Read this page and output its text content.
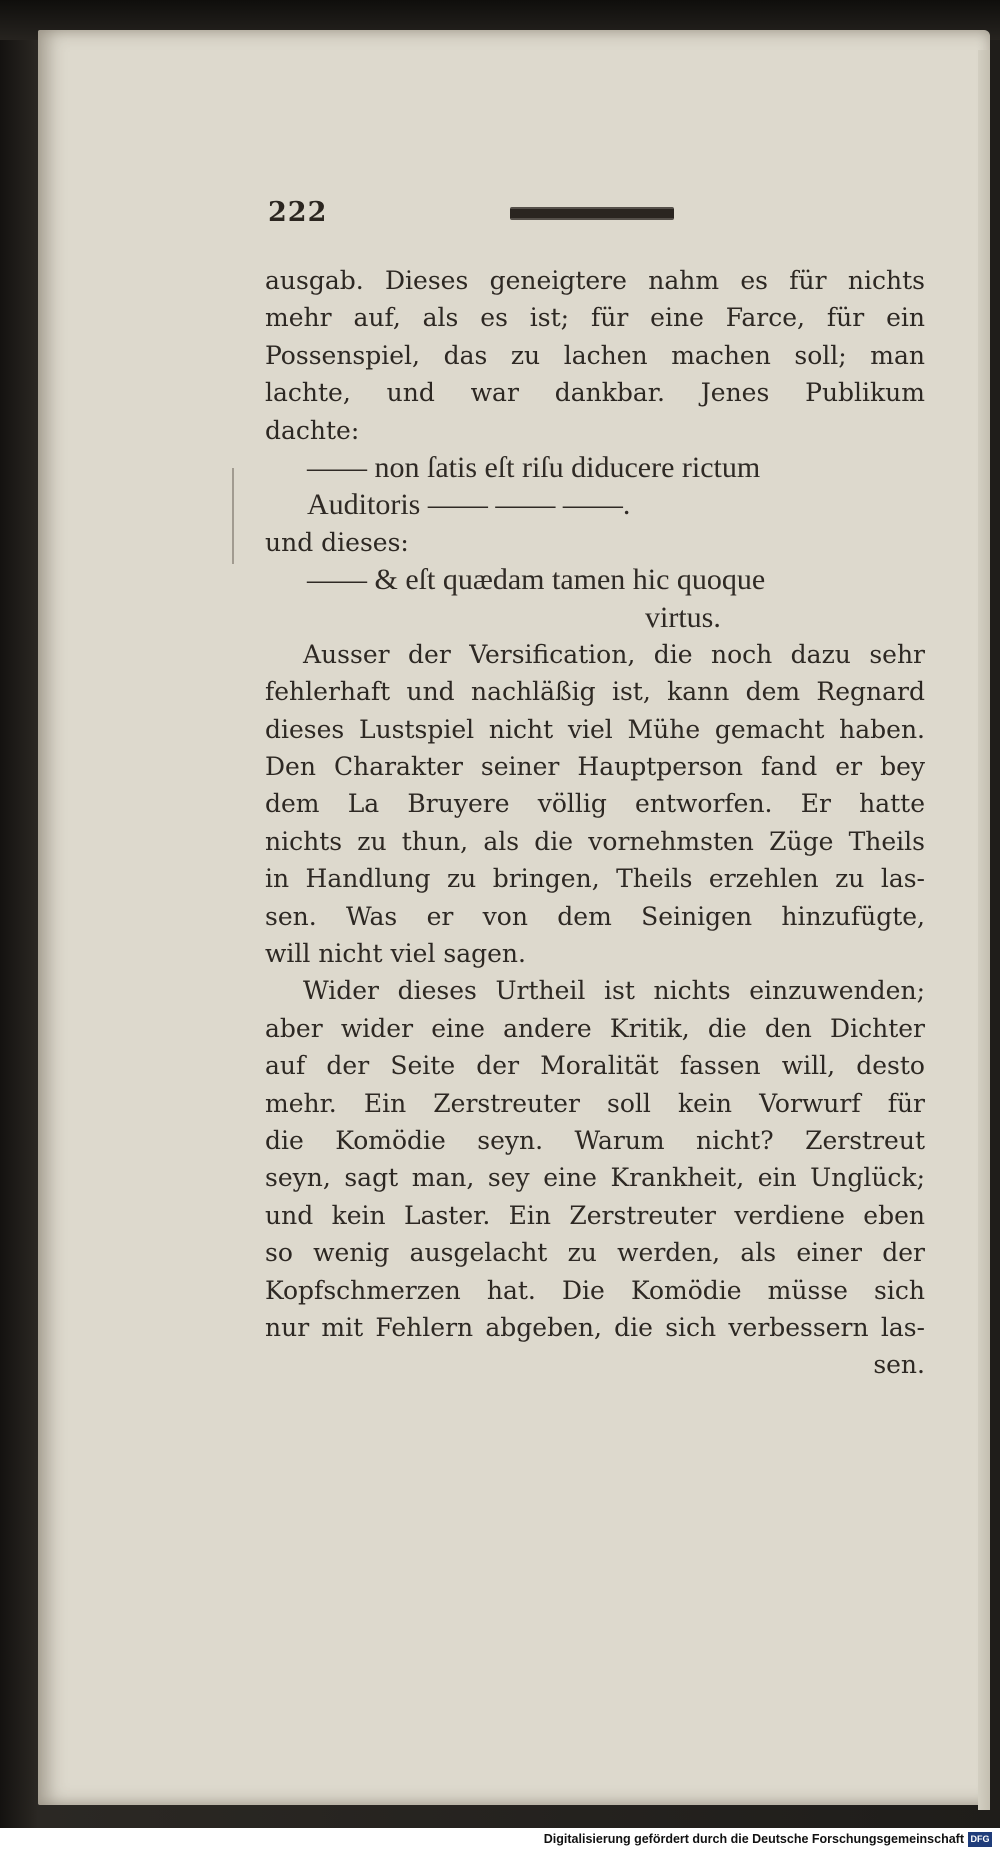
222
ausgab. Dieses geneigtere nahm es für nichts
mehr auf, als es ist; für eine Farce, für ein
Possenspiel, das zu lachen machen soll; man
lachte, und war dankbar. Jenes Publikum
dachte:
—— non ſatis eſt riſu diducere rictum
Auditoris —— —— ——.
und dieses:
—— & eſt quædam tamen hic quoque
virtus.
Ausser der Versification, die noch dazu sehr
fehlerhaft und nachläßig ist, kann dem Regnard
dieses Lustspiel nicht viel Mühe gemacht haben.
Den Charakter seiner Hauptperson fand er bey
dem La Bruyere völlig entworfen. Er hatte
nichts zu thun, als die vornehmsten Züge Theils
in Handlung zu bringen, Theils erzehlen zu las-
sen. Was er von dem Seinigen hinzufügte,
will nicht viel sagen.
Wider dieses Urtheil ist nichts einzuwenden;
aber wider eine andere Kritik, die den Dichter
auf der Seite der Moralität fassen will, desto
mehr. Ein Zerstreuter soll kein Vorwurf für
die Komödie seyn. Warum nicht? Zerstreut
seyn, sagt man, sey eine Krankheit, ein Unglück;
und kein Laster. Ein Zerstreuter verdiene eben
so wenig ausgelacht zu werden, als einer der
Kopfschmerzen hat. Die Komödie müsse sich
nur mit Fehlern abgeben, die sich verbessern las-
sen.
Digitalisierung gefördert durch die Deutsche Forschungsgemeinschaft DFG
